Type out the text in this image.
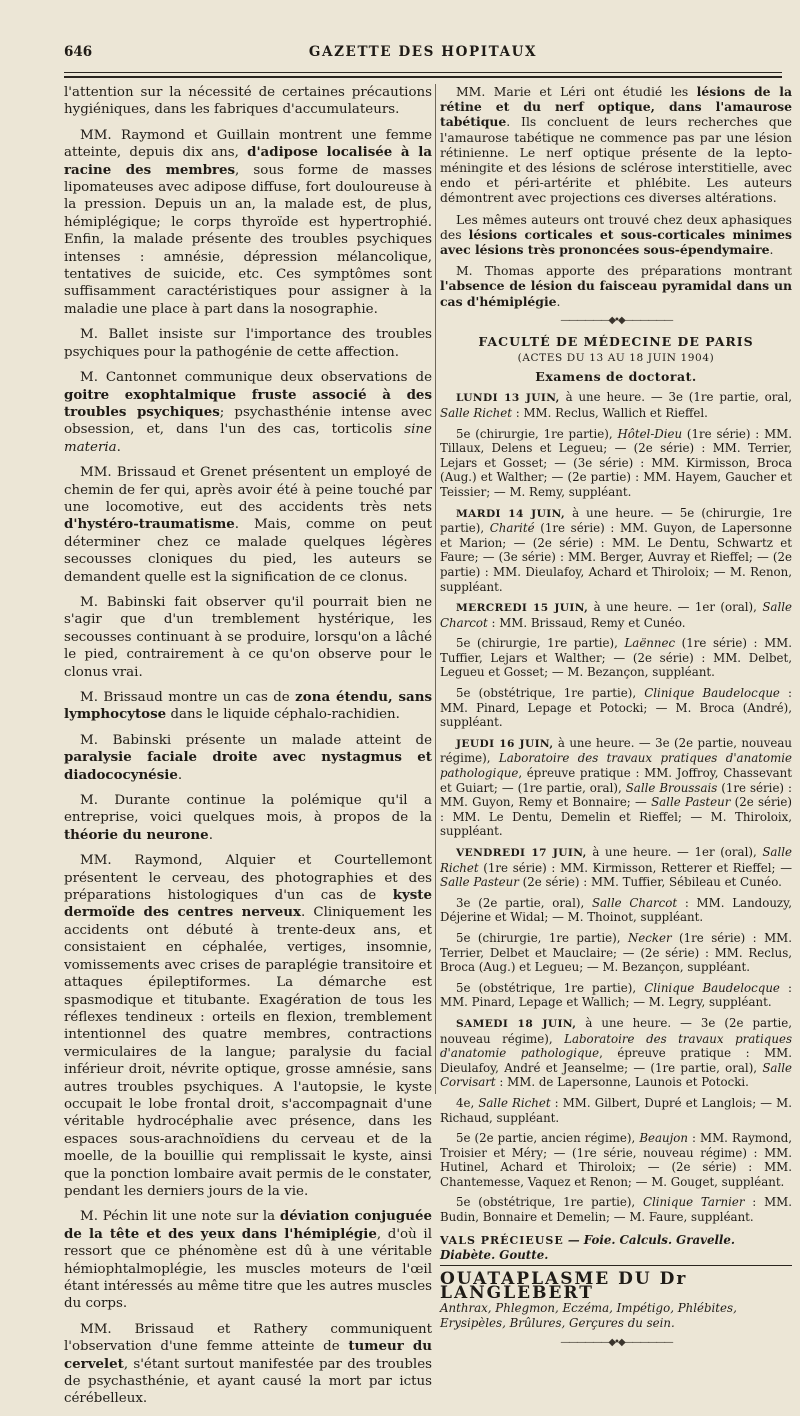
646	GAZETTE DES HOPITAUX

l'attention sur la nécessité de certaines précautions hygiéniques, dans les fabriques d'accumulateurs.

MM. Raymond et Guillain montrent une femme atteinte, depuis dix ans, d'adipose localisée à la racine des membres, sous forme de masses lipomateuses avec adipose diffuse, fort douloureuse à la pression. Depuis un an, la malade est, de plus, hémiplégique; le corps thyroïde est hypertrophié. Enfin, la malade présente des troubles psychiques intenses : amnésie, dépression mélancolique, tentatives de suicide, etc. Ces symptômes sont suffisamment caractéristiques pour assigner à la maladie une place à part dans la nosographie.

M. Ballet insiste sur l'importance des troubles psychiques pour la pathogénie de cette affection.

M. Cantonnet communique deux observations de goitre exophtalmique fruste associé à des troubles psychiques; psychasthénie intense avec obsession, et, dans l'un des cas, torticolis sine materia.

MM. Brissaud et Grenet présentent un employé de chemin de fer qui, après avoir été à peine touché par une locomotive, eut des accidents très nets d'hystéro-traumatisme. Mais, comme on peut déterminer chez ce malade quelques légères secousses cloniques du pied, les auteurs se demandent quelle est la signification de ce clonus.

M. Babinski fait observer qu'il pourrait bien ne s'agir que d'un tremblement hystérique, les secousses continuant à se produire, lorsqu'on a lâché le pied, contrairement à ce qu'on observe pour le clonus vrai.

M. Brissaud montre un cas de zona étendu, sans lymphocytose dans le liquide céphalo-rachidien.

M. Babinski présente un malade atteint de paralysie faciale droite avec nystagmus et diadococynésie.

M. Durante continue la polémique qu'il a entreprise, voici quelques mois, à propos de la théorie du neurone.

MM. Raymond, Alquier et Courtellemont présentent le cerveau, des photographies et des préparations histologiques d'un cas de kyste dermoïde des centres nerveux. Cliniquement les accidents ont débuté à trente-deux ans, et consistaient en céphalée, vertiges, insomnie, vomissements avec crises de paraplégie transitoire et attaques épileptiformes. La démarche est spasmodique et titubante. Exagération de tous les réflexes tendineux : orteils en flexion, tremblement intentionnel des quatre membres, contractions vermiculaires de la langue; paralysie du facial inférieur droit, névrite optique, grosse amnésie, sans autres troubles psychiques. A l'autopsie, le kyste occupait le lobe frontal droit, s'accompagnait d'une véritable hydrocéphalie avec présence, dans les espaces sous-arachnoïdiens du cerveau et de la moelle, de la bouillie qui remplissait le kyste, ainsi que la ponction lombaire avait permis de le constater, pendant les derniers jours de la vie.

M. Péchin lit une note sur la déviation conjuguée de la tête et des yeux dans l'hémiplégie, d'où il ressort que ce phénomène est dû à une véritable hémiophtalmoplégie, les muscles moteurs de l'œil étant intéressés au même titre que les autres muscles du corps.

MM. Brissaud et Rathery communiquent l'observation d'une femme atteinte de tumeur du cervelet, s'étant surtout manifestée par des troubles de psychasthénie, et ayant causé la mort par ictus cérébelleux.

MM. Marie et Léri ont étudié les lésions de la rétine et du nerf optique, dans l'amaurose tabétique. Ils concluent de leurs recherches que l'amaurose tabétique ne commence pas par une lésion rétinienne. Le nerf optique présente de la lepto-méningite et des lésions de sclérose interstitielle, avec endo et péri-artérite et phlébite. Les auteurs démontrent avec projections ces diverses altérations.

Les mêmes auteurs ont trouvé chez deux aphasiques des lésions corticales et sous-corticales minimes avec lésions très prononcées sous-épendymaire.

M. Thomas apporte des préparations montrant l'absence de lésion du faisceau pyramidal dans un cas d'hémiplégie.

——————◆•◆——————

FACULTÉ DE MÉDECINE DE PARIS

(ACTES DU 13 AU 18 JUIN 1904)

Examens de doctorat.

LUNDI 13 JUIN, à une heure. — 3e (1re partie, oral, Salle Richet : MM. Reclus, Wallich et Rieffel.

5e (chirurgie, 1re partie), Hôtel-Dieu (1re série) : MM. Tillaux, Delens et Legueu; — (2e série) : MM. Terrier, Lejars et Gosset; — (3e série) : MM. Kirmisson, Broca (Aug.) et Walther; — (2e partie) : MM. Hayem, Gaucher et Teissier; — M. Remy, suppléant.

MARDI 14 JUIN, à une heure. — 5e (chirurgie, 1re partie), Charité (1re série) : MM. Guyon, de Lapersonne et Marion; — (2e série) : MM. Le Dentu, Schwartz et Faure; — (3e série) : MM. Berger, Auvray et Rieffel; — (2e partie) : MM. Dieulafoy, Achard et Thiroloix; — M. Renon, suppléant.

MERCREDI 15 JUIN, à une heure. — 1er (oral), Salle Charcot : MM. Brissaud, Remy et Cunéo.

5e (chirurgie, 1re partie), Laënnec (1re série) : MM. Tuffier, Lejars et Walther; — (2e série) : MM. Delbet, Legueu et Gosset; — M. Bezançon, suppléant.

5e (obstétrique, 1re partie), Clinique Baudelocque : MM. Pinard, Lepage et Potocki; — M. Broca (André), suppléant.

JEUDI 16 JUIN, à une heure. — 3e (2e partie, nouveau régime), Laboratoire des travaux pratiques d'anatomie pathologique, épreuve pratique : MM. Joffroy, Chassevant et Guiart; — (1re partie, oral), Salle Broussais (1re série) : MM. Guyon, Remy et Bonnaire; — Salle Pasteur (2e série) : MM. Le Dentu, Demelin et Rieffel; — M. Thiroloix, suppléant.

VENDREDI 17 JUIN, à une heure. — 1er (oral), Salle Richet (1re série) : MM. Kirmisson, Retterer et Rieffel; — Salle Pasteur (2e série) : MM. Tuffier, Sébileau et Cunéo.

3e (2e partie, oral), Salle Charcot : MM. Landouzy, Déjerine et Widal; — M. Thoinot, suppléant.

5e (chirurgie, 1re partie), Necker (1re série) : MM. Terrier, Delbet et Mauclaire; — (2e série) : MM. Reclus, Broca (Aug.) et Legueu; — M. Bezançon, suppléant.

5e (obstétrique, 1re partie), Clinique Baudelocque : MM. Pinard, Lepage et Wallich; — M. Legry, suppléant.

SAMEDI 18 JUIN, à une heure. — 3e (2e partie, nouveau régime), Laboratoire des travaux pratiques d'anatomie pathologique, épreuve pratique : MM. Dieulafoy, André et Jeanselme; — (1re partie, oral), Salle Corvisart : MM. de Lapersonne, Launois et Potocki.

4e, Salle Richet : MM. Gilbert, Dupré et Langlois; — M. Richaud, suppléant.

5e (2e partie, ancien régime), Beaujon : MM. Raymond, Troisier et Méry; — (1re série, nouveau régime) : MM. Hutinel, Achard et Thiroloix; — (2e série) : MM. Chantemesse, Vaquez et Renon; — M. Gouget, suppléant.

5e (obstétrique, 1re partie), Clinique Tarnier : MM. Budin, Bonnaire et Demelin; — M. Faure, suppléant.

VALS PRÉCIEUSE — Foie. Calculs. Gravelle. Diabète. Goutte.
OUATAPLASME DU Dr LANGLEBERT
Anthrax, Phlegmon, Eczéma, Impétigo, Phlébites, Erysipèles, Brûlures, Gerçures du sein.
——————◆•◆——————
